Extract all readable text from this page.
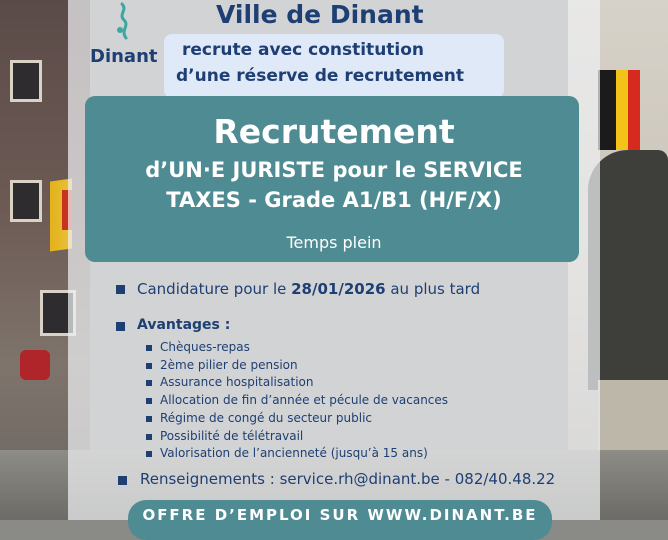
Dinant
Ville de Dinant
recrute avec constitution
d’une réserve de recrutement
Recrutement
d’UN·E JURISTE pour le SERVICE
TAXES - Grade A1/B1 (H/F/X)
Temps plein
Candidature pour le 28/01/2026 au plus tard
Avantages :
Chèques-repas
2ème pilier de pension
Assurance hospitalisation
Allocation de fin d’année et pécule de vacances
Régime de congé du secteur public
Possibilité de télétravail
Valorisation de l’ancienneté (jusqu’à 15 ans)
Renseignements : service.rh@dinant.be - 082/40.48.22
OFFRE D’EMPLOI SUR WWW.DINANT.BE
